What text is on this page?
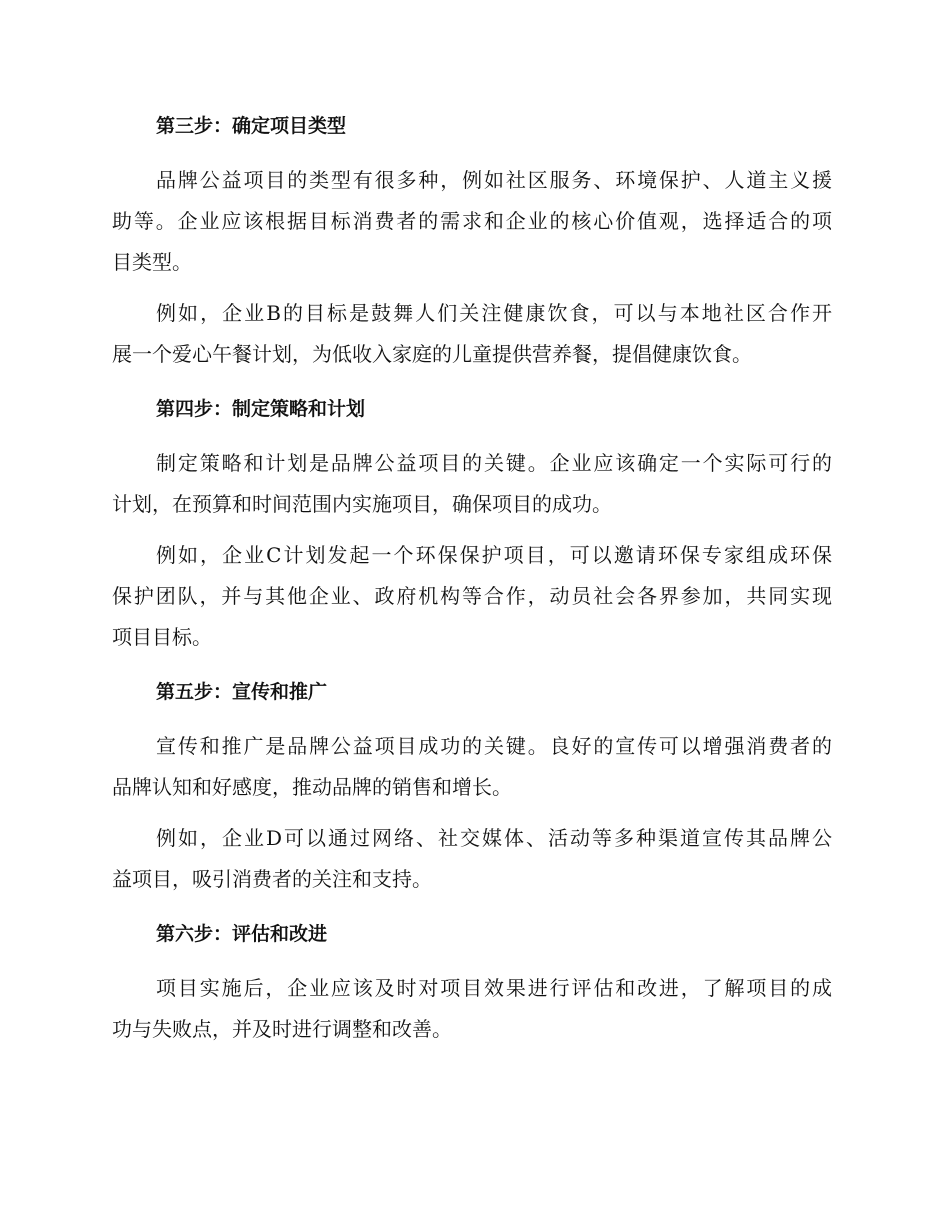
第三步：确定项目类型
品牌公益项目的类型有很多种，例如社区服务、环境保护、人道主义援
助等。企业应该根据目标消费者的需求和企业的核心价值观，选择适合的项
目类型。
例如，企业B的目标是鼓舞人们关注健康饮食，可以与本地社区合作开
展一个爱心午餐计划，为低收入家庭的儿童提供营养餐，提倡健康饮食。
第四步：制定策略和计划
制定策略和计划是品牌公益项目的关键。企业应该确定一个实际可行的
计划，在预算和时间范围内实施项目，确保项目的成功。
例如，企业C计划发起一个环保保护项目，可以邀请环保专家组成环保
保护团队，并与其他企业、政府机构等合作，动员社会各界参加，共同实现
项目目标。
第五步：宣传和推广
宣传和推广是品牌公益项目成功的关键。良好的宣传可以增强消费者的
品牌认知和好感度，推动品牌的销售和增长。
例如，企业D可以通过网络、社交媒体、活动等多种渠道宣传其品牌公
益项目，吸引消费者的关注和支持。
第六步：评估和改进
项目实施后，企业应该及时对项目效果进行评估和改进，了解项目的成
功与失败点，并及时进行调整和改善。
